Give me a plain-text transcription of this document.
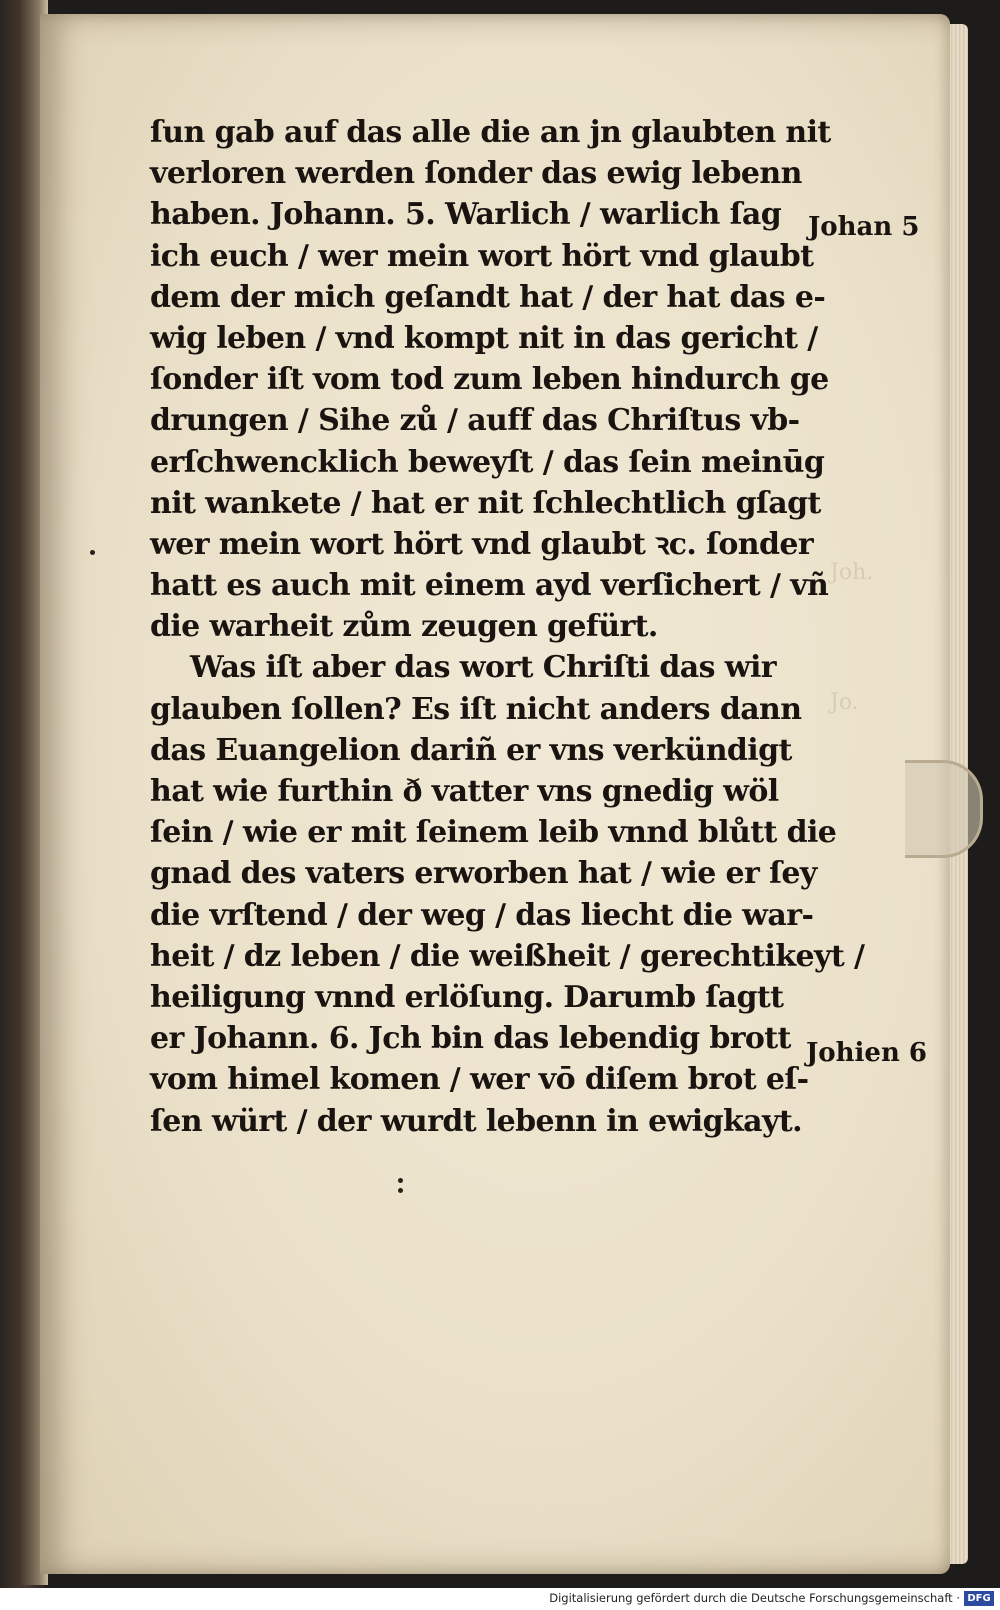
Joh.
Jo.
ſun gab auf das alle die an jn glaubten nit
verloren werden ſonder das ewig lebenn
haben. Johann. 5. Warlich / warlich ſag
ich euch / wer mein wort hört vnd glaubt
dem der mich geſandt hat / der hat das e-
wig leben / vnd kompt nit in das gericht /
ſonder iſt vom tod zum leben hindurch ge
drungen / Sihe zů / auff das Chriſtus vb-
erſchwencklich beweyſt / das ſein meinūg
nit wankete / hat er nit ſchlechtlich gſagt
wer mein wort hört vnd glaubt ꝛc. ſonder
hatt es auch mit einem ayd verſichert / vñ
die warheit zům zeugen gefürt.
Was iſt aber das wort Chriſti das wir
glauben ſollen? Es iſt nicht anders dann
das Euangelion dariñ er vns verkündigt
hat wie furthin ð vatter vns gnedig wöl
ſein / wie er mit ſeinem leib vnnd blůtt die
gnad des vaters erworben hat / wie er ſey
die vrſtend / der weg / das liecht die war-
heit / dz leben / die weißheit / gerechtikeyt /
heiligung vnnd erlöſung. Darumb ſagtt
er Johann. 6. Jch bin das lebendig brott
vom himel komen / wer vō diſem brot eſ-
ſen würt / der wurdt lebenn in ewigkayt.
Johan 5
Johien 6
Digitalisierung gefördert durch die Deutsche Forschungsgemeinschaft · DFG
